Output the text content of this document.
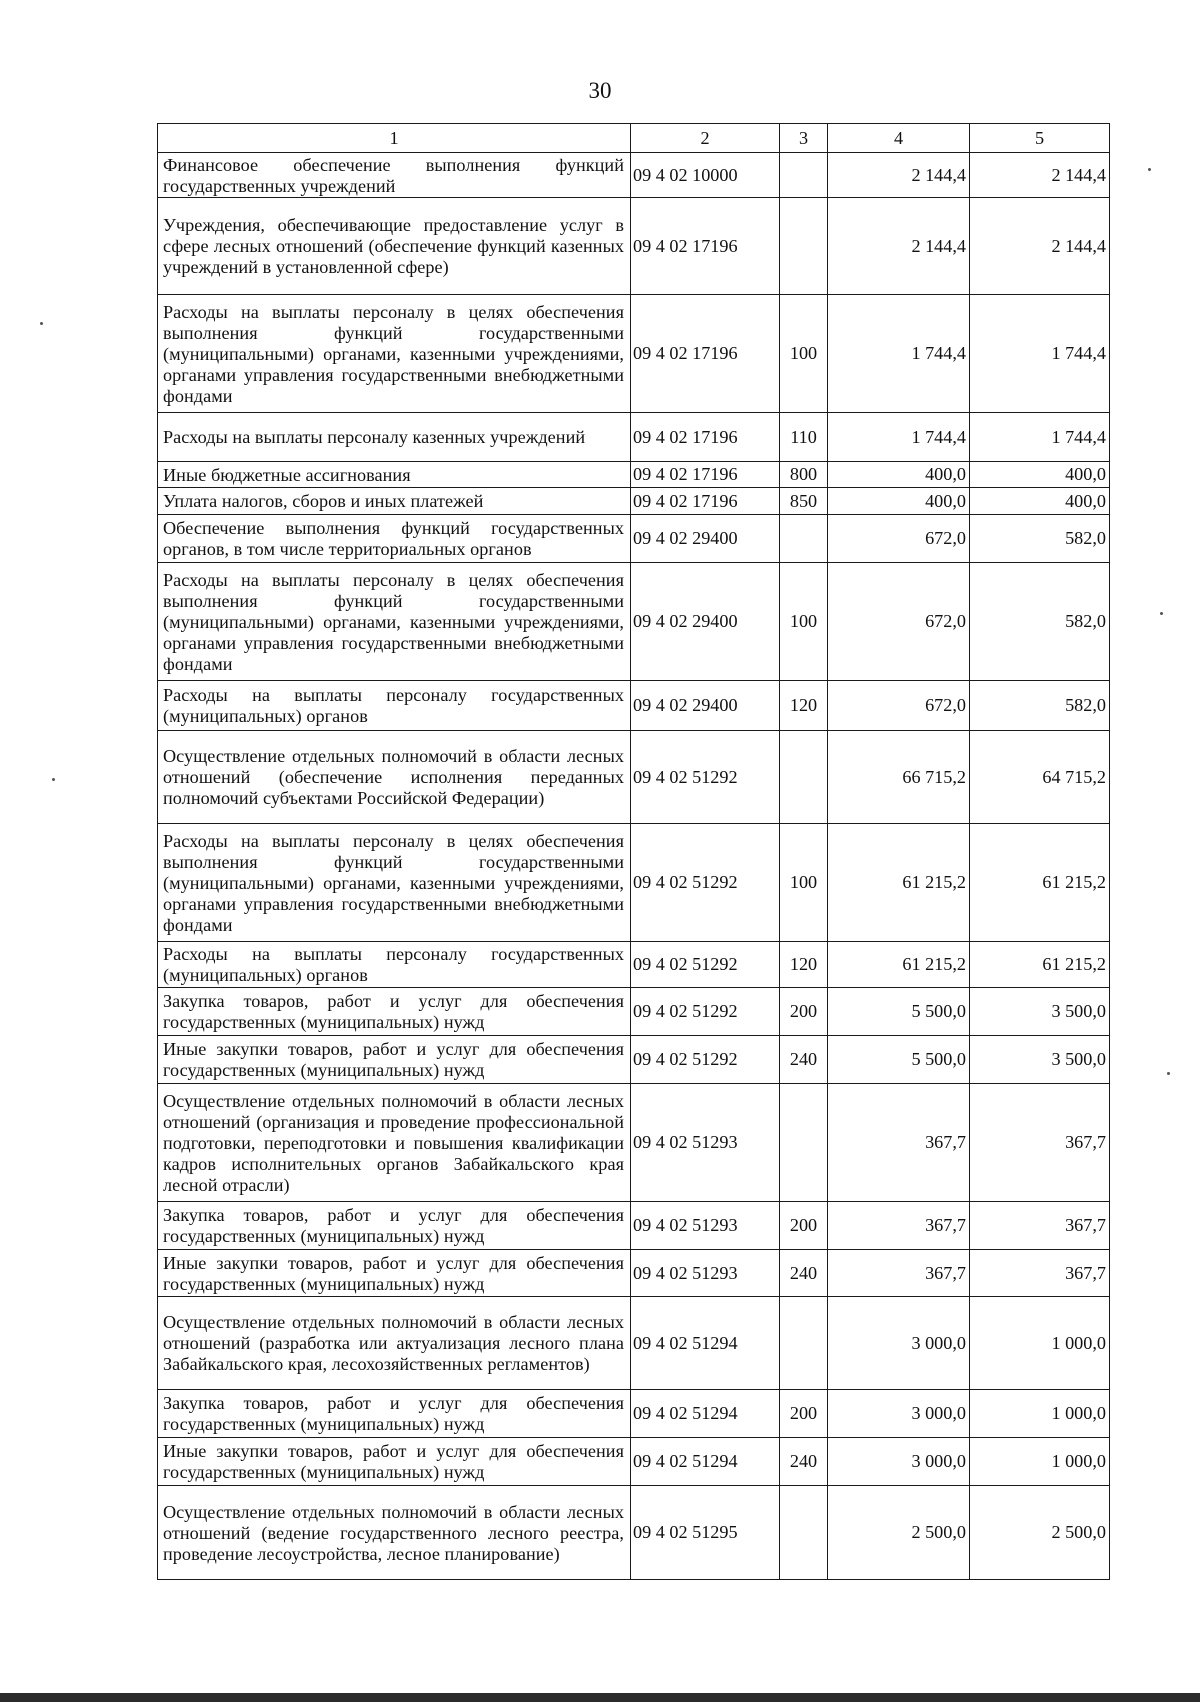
30
1	2	3	4	5
Финансовое обеспечение выполнения функций государственных учреждений	09 4 02 10000		2 144,4	2 144,4
Учреждения, обеспечивающие предоставление услуг в сфере лесных отношений (обеспечение функций казенных учреждений в установленной сфере)	09 4 02 17196		2 144,4	2 144,4
Расходы на выплаты персоналу в целях обеспечения выполнения функций государственными (муниципальными) органами, казенными учреждениями, органами управления государственными внебюджетными фондами	09 4 02 17196	100	1 744,4	1 744,4
Расходы на выплаты персоналу казенных учреждений	09 4 02 17196	110	1 744,4	1 744,4
Иные бюджетные ассигнования	09 4 02 17196	800	400,0	400,0
Уплата налогов, сборов и иных платежей	09 4 02 17196	850	400,0	400,0
Обеспечение выполнения функций государственных органов, в том числе территориальных органов	09 4 02 29400		672,0	582,0
Расходы на выплаты персоналу в целях обеспечения выполнения функций государственными (муниципальными) органами, казенными учреждениями, органами управления государственными внебюджетными фондами	09 4 02 29400	100	672,0	582,0
Расходы на выплаты персоналу государственных (муниципальных) органов	09 4 02 29400	120	672,0	582,0
Осуществление отдельных полномочий в области лесных отношений (обеспечение исполнения переданных полномочий субъектами Российской Федерации)	09 4 02 51292		66 715,2	64 715,2
Расходы на выплаты персоналу в целях обеспечения выполнения функций государственными (муниципальными) органами, казенными учреждениями, органами управления государственными внебюджетными фондами	09 4 02 51292	100	61 215,2	61 215,2
Расходы на выплаты персоналу государственных (муниципальных) органов	09 4 02 51292	120	61 215,2	61 215,2
Закупка товаров, работ и услуг для обеспечения государственных (муниципальных) нужд	09 4 02 51292	200	5 500,0	3 500,0
Иные закупки товаров, работ и услуг для обеспечения государственных (муниципальных) нужд	09 4 02 51292	240	5 500,0	3 500,0
Осуществление отдельных полномочий в области лесных отношений (организация и проведение профессиональной подготовки, переподготовки и повышения квалификации кадров исполнительных органов Забайкальского края лесной отрасли)	09 4 02 51293		367,7	367,7
Закупка товаров, работ и услуг для обеспечения государственных (муниципальных) нужд	09 4 02 51293	200	367,7	367,7
Иные закупки товаров, работ и услуг для обеспечения государственных (муниципальных) нужд	09 4 02 51293	240	367,7	367,7
Осуществление отдельных полномочий в области лесных отношений (разработка или актуализация лесного плана Забайкальского края, лесохозяйственных регламентов)	09 4 02 51294		3 000,0	1 000,0
Закупка товаров, работ и услуг для обеспечения государственных (муниципальных) нужд	09 4 02 51294	200	3 000,0	1 000,0
Иные закупки товаров, работ и услуг для обеспечения государственных (муниципальных) нужд	09 4 02 51294	240	3 000,0	1 000,0
Осуществление отдельных полномочий в области лесных отношений (ведение государственного лесного реестра, проведение лесоустройства, лесное планирование)	09 4 02 51295		2 500,0	2 500,0
